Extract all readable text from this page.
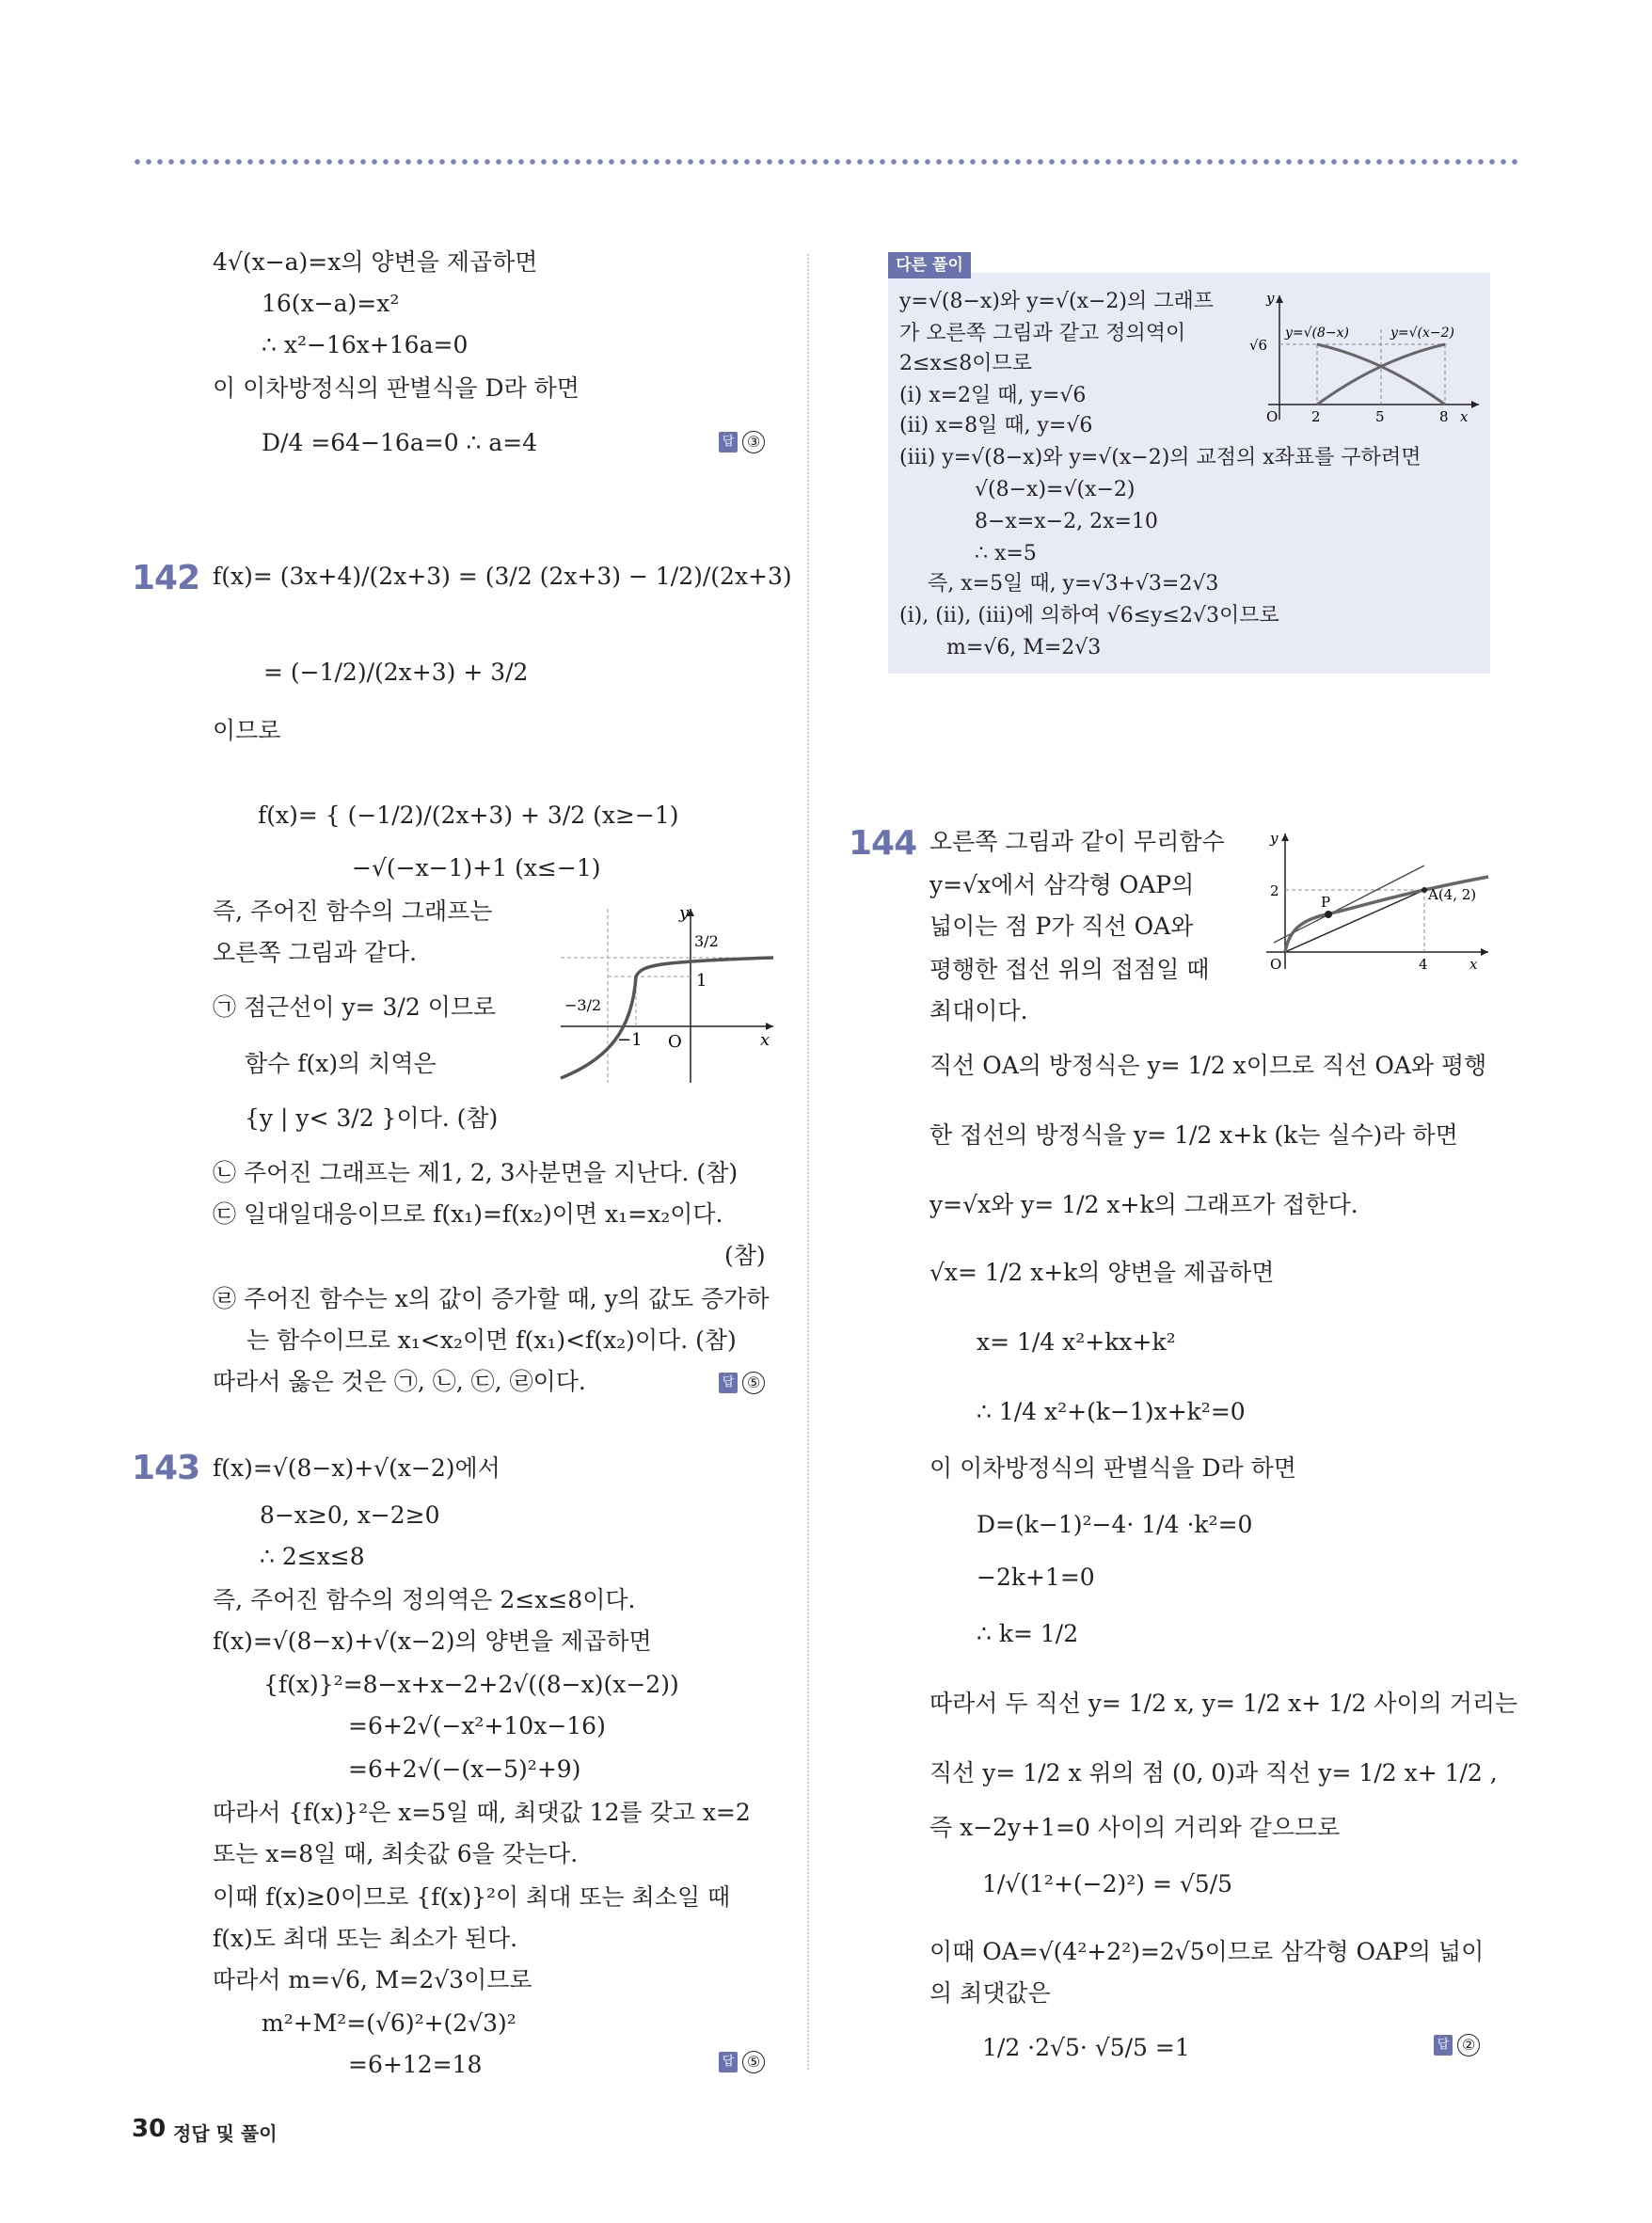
4√(x−a)=x의 양변을 제곱하면
16(x−a)=x²
∴ x²−16x+16a=0
이 이차방정식의 판별식을 D라 하면
D/4 =64−16a=0 ∴ a=4	답 ③
142 f(x)= (3x+4)/(2x+3) = (3/2 (2x+3) − 1/2)/(2x+3)
= (−1/2)/(2x+3) + 3/2
이므로
f(x)= { (−1/2)/(2x+3) + 3/2 (x≥−1)
−√(−x−1)+1 (x≤−1)
즉, 주어진 함수의 그래프는
오른쪽 그림과 같다.
㉠ 점근선이 y= 3/2 이므로
함수 f(x)의 치역은
{y | y< 3/2 }이다. (참)
㉡ 주어진 그래프는 제1, 2, 3사분면을 지난다. (참)
㉢ 일대일대응이므로 f(x₁)=f(x₂)이면 x₁=x₂이다.
(참)
㉣ 주어진 함수는 x의 값이 증가할 때, y의 값도 증가하
는 함수이므로 x₁<x₂이면 f(x₁)<f(x₂)이다. (참)
따라서 옳은 것은 ㉠, ㉡, ㉢, ㉣이다.	답 ⑤
y
x
O
−1
1
3/2
−3/2
143 f(x)=√(8−x)+√(x−2)에서
8−x≥0, x−2≥0
∴ 2≤x≤8
즉, 주어진 함수의 정의역은 2≤x≤8이다.
f(x)=√(8−x)+√(x−2)의 양변을 제곱하면
{f(x)}²=8−x+x−2+2√((8−x)(x−2))
=6+2√(−x²+10x−16)
=6+2√(−(x−5)²+9)
따라서 {f(x)}²은 x=5일 때, 최댓값 12를 갖고 x=2
또는 x=8일 때, 최솟값 6을 갖는다.
이때 f(x)≥0이므로 {f(x)}²이 최대 또는 최소일 때
f(x)도 최대 또는 최소가 된다.
따라서 m=√6, M=2√3이므로
m²+M²=(√6)²+(2√3)²
=6+12=18	답 ⑤
다른 풀이
y=√(8−x)와 y=√(x−2)의 그래프
가 오른쪽 그림과 같고 정의역이
2≤x≤8이므로
(ⅰ) x=2일 때, y=√6
(ⅱ) x=8일 때, y=√6
(ⅲ) y=√(8−x)와 y=√(x−2)의 교점의 x좌표를 구하려면
√(8−x)=√(x−2)
8−x=x−2, 2x=10
∴ x=5
즉, x=5일 때, y=√3+√3=2√3
(ⅰ), (ⅱ), (ⅲ)에 의하여 √6≤y≤2√3이므로
m=√6, M=2√3
y
x
O
√6
2	5	8
y=√(8−x)	y=√(x−2)
144 오른쪽 그림과 같이 무리함수
y=√x에서 삼각형 OAP의
넓이는 점 P가 직선 OA와
평행한 접선 위의 접점일 때
최대이다.
직선 OA의 방정식은 y= 1/2 x이므로 직선 OA와 평행
한 접선의 방정식을 y= 1/2 x+k (k는 실수)라 하면
y=√x와 y= 1/2 x+k의 그래프가 접한다.
√x= 1/2 x+k의 양변을 제곱하면
x= 1/4 x²+kx+k²
∴ 1/4 x²+(k−1)x+k²=0
이 이차방정식의 판별식을 D라 하면
D=(k−1)²−4· 1/4 ·k²=0
−2k+1=0
∴ k= 1/2
따라서 두 직선 y= 1/2 x, y= 1/2 x+ 1/2 사이의 거리는
직선 y= 1/2 x 위의 점 (0, 0)과 직선 y= 1/2 x+ 1/2 ,
즉 x−2y+1=0 사이의 거리와 같으므로
1/√(1²+(−2)²) = √5/5
이때 OA=√(4²+2²)=2√5이므로 삼각형 OAP의 넓이
의 최댓값은
1/2 ·2√5· √5/5 =1	답 ②
y
x
O
2
4
P	A(4, 2)
30 정답 및 풀이
